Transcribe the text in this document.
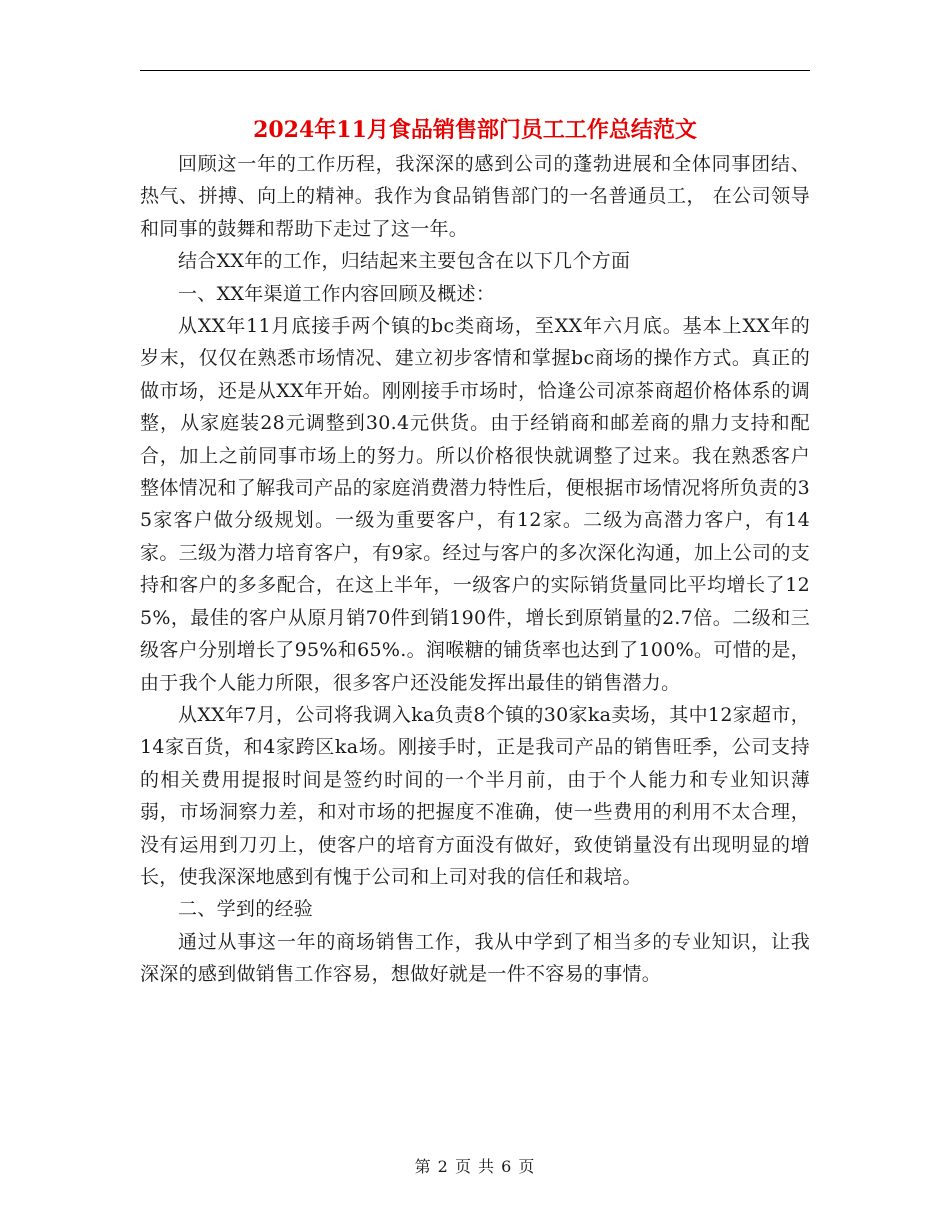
2024年11月食品销售部门员工工作总结范文

回顾这一年的工作历程，我深深的感到公司的蓬勃进展和全体同事团结、热气、拼搏、向上的精神。我作为食品销售部门的一名普通员工， 在公司领导和同事的鼓舞和帮助下走过了这一年。

结合XX年的工作，归结起来主要包含在以下几个方面

一、XX年渠道工作内容回顾及概述：

从XX年11月底接手两个镇的bc类商场，至XX年六月底。基本上XX年的岁末，仅仅在熟悉市场情况、建立初步客情和掌握bc商场的操作方式。真正的做市场，还是从XX年开始。刚刚接手市场时，恰逢公司凉茶商超价格体系的调整，从家庭装28元调整到30.4元供货。由于经销商和邮差商的鼎力支持和配合，加上之前同事市场上的努力。所以价格很快就调整了过来。我在熟悉客户整体情况和了解我司产品的家庭消费潜力特性后，便根据市场情况将所负责的35家客户做分级规划。一级为重要客户，有12家。二级为高潜力客户，有14家。三级为潜力培育客户，有9家。经过与客户的多次深化沟通，加上公司的支持和客户的多多配合，在这上半年，一级客户的实际销货量同比平均增长了125%，最佳的客户从原月销70件到销190件，增长到原销量的2.7倍。二级和三级客户分别增长了95%和65%.。润喉糖的铺货率也达到了100%。可惜的是，由于我个人能力所限，很多客户还没能发挥出最佳的销售潜力。

从XX年7月，公司将我调入ka负责8个镇的30家ka卖场，其中12家超市，14家百货，和4家跨区ka场。刚接手时，正是我司产品的销售旺季，公司支持的相关费用提报时间是签约时间的一个半月前，由于个人能力和专业知识薄弱，市场洞察力差，和对市场的把握度不准确，使一些费用的利用不太合理，没有运用到刀刃上，使客户的培育方面没有做好，致使销量没有出现明显的增长，使我深深地感到有愧于公司和上司对我的信任和栽培。

二、学到的经验

通过从事这一年的商场销售工作，我从中学到了相当多的专业知识，让我深深的感到做销售工作容易，想做好就是一件不容易的事情。

第 2 页 共 6 页
